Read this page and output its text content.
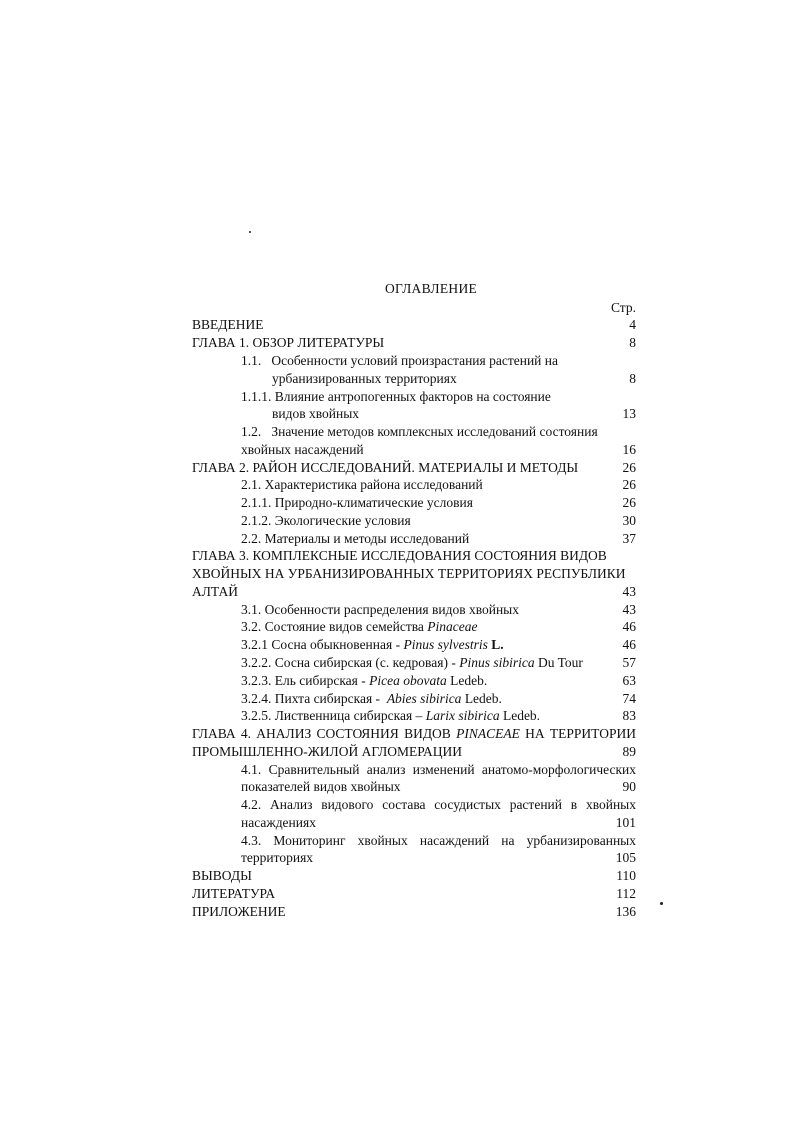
ОГЛАВЛЕНИЕ
Стр.
ВВЕДЕНИЕ	4
ГЛАВА 1. ОБЗОР ЛИТЕРАТУРЫ	8
1.1.   Особенности условий произрастания растений на
урбанизированных территориях	8
1.1.1. Влияние антропогенных факторов на состояние
видов хвойных	13
1.2.   Значение методов комплексных исследований состояния
хвойных насаждений	16
ГЛАВА 2. РАЙОН ИССЛЕДОВАНИЙ. МАТЕРИАЛЫ И МЕТОДЫ	26
2.1. Характеристика района исследований	26
2.1.1. Природно-климатические условия	26
2.1.2. Экологические условия	30
2.2. Материалы и методы исследований	37
ГЛАВА 3. КОМПЛЕКСНЫЕ ИССЛЕДОВАНИЯ СОСТОЯНИЯ ВИДОВ
ХВОЙНЫХ НА УРБАНИЗИРОВАННЫХ ТЕРРИТОРИЯХ РЕСПУБЛИКИ
АЛТАЙ	43
3.1. Особенности распределения видов хвойных	43
3.2. Состояние видов семейства Pinaceae	46
3.2.1 Сосна обыкновенная - Pinus sylvestris L.	46
3.2.2. Сосна сибирская (с. кедровая) - Pinus sibirica Du Tour	57
3.2.3. Ель сибирская - Picea obovata Ledeb.	63
3.2.4. Пихта сибирская -  Abies sibirica Ledeb.	74
3.2.5. Лиственница сибирская – Larix sibirica Ledeb.	83
ГЛАВА 4. АНАЛИЗ СОСТОЯНИЯ ВИДОВ PINACEAE НА ТЕРРИТОРИИ
ПРОМЫШЛЕННО-ЖИЛОЙ АГЛОМЕРАЦИИ	89
4.1. Сравнительный анализ изменений анатомо-морфологических
показателей видов хвойных	90
4.2. Анализ видового состава сосудистых растений в хвойных
насаждениях	101
4.3. Мониторинг хвойных насаждений на урбанизированных
территориях	105
ВЫВОДЫ	110
ЛИТЕРАТУРА	112
ПРИЛОЖЕНИЕ	136
